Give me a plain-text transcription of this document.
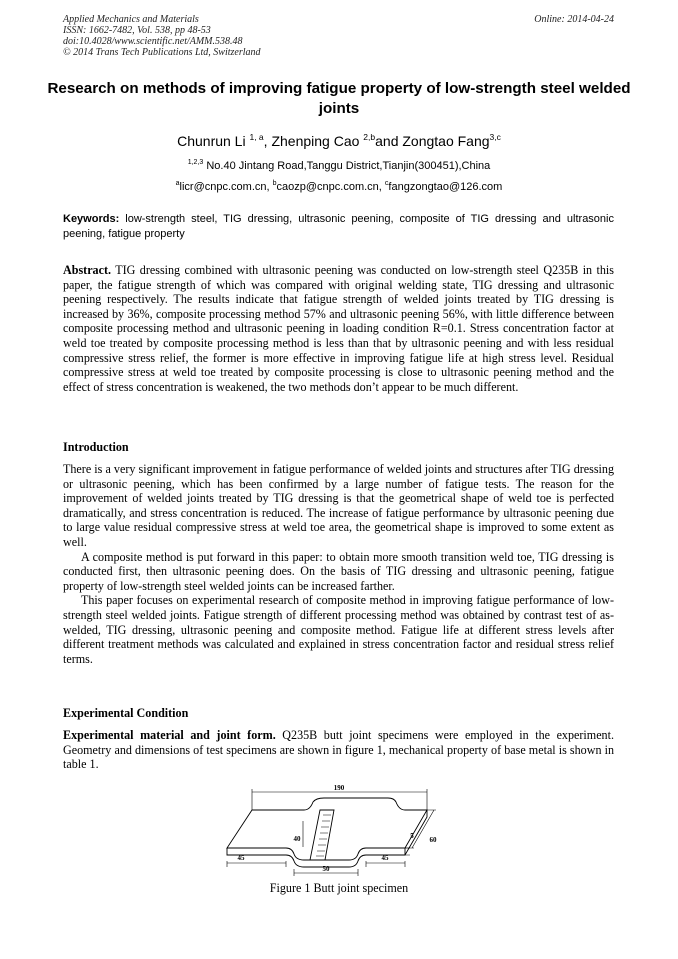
Applied Mechanics and Materials
ISSN: 1662-7482, Vol. 538, pp 48-53
doi:10.4028/www.scientific.net/AMM.538.48
© 2014 Trans Tech Publications Ltd, Switzerland
Online: 2014-04-24
Research on methods of improving fatigue property of low-strength steel welded joints
Chunrun Li $^{1, a}$, Zhenping Cao $^{2,b}$and Zongtao Fang$^{3,c}$
$^{1,2,3}$ No.40 Jintang Road,Tanggu District,Tianjin(300451),China
$^a$licr@cnpc.com.cn, $^b$caozp@cnpc.com.cn, $^c$fangzongtao@126.com
Keywords: low-strength steel, TIG dressing, ultrasonic peening, composite of TIG dressing and ultrasonic peening, fatigue property

Abstract. TIG dressing combined with ultrasonic peening was conducted on low-strength steel Q235B in this paper, the fatigue strength of which was compared with original welding state, TIG dressing and ultrasonic peening respectively. The results indicate that fatigue strength of welded joints treated by TIG dressing is increased by 36%, composite processing method 57% and ultrasonic peening 56%, with little difference between composite processing method and ultrasonic peening in loading condition R=0.1. Stress concentration factor at weld toe treated by composite processing method is less than that by ultrasonic peening and with less residual compressive stress relief, the former is more effective in improving fatigue life at high stress level. Residual compressive stress at weld toe treated by composite processing is close to ultrasonic peening method and the effect of stress concentration is weakened, the two methods don’t appear to be much different.

Introduction

There is a very significant improvement in fatigue performance of welded joints and structures after TIG dressing or ultrasonic peening, which has been confirmed by a large number of fatigue tests. The reason for the improvement of welded joints treated by TIG dressing is that the geometrical shape of weld toe is perfected dramatically, and stress concentration is reduced. The increase of fatigue performance by ultrasonic peening due to large value residual compressive stress at weld toe area, the geometrical shape is improved to some extent as well.

A composite method is put forward in this paper: to obtain more smooth transition weld toe, TIG dressing is conducted first, then ultrasonic peening does. On the basis of TIG dressing and ultrasonic peening, fatigue property of low-strength steel welded joints can be increased farther.

This paper focuses on experimental research of composite method in improving fatigue performance of low-strength steel welded joints. Fatigue strength of different processing method was obtained by contrast test of as-welded, TIG dressing, ultrasonic peening and composite method. Fatigue life at different stress levels after different treatment methods was calculated and explained in stress concentration factor and residual stress relief terms.

Experimental Condition

Experimental material and joint form. Q235B butt joint specimens were employed in the experiment. Geometry and dimensions of test specimens are shown in figure 1, mechanical property of base metal is shown in table 1.

190
40
45
50
45
5 60
Figure 1 Butt joint specimen
